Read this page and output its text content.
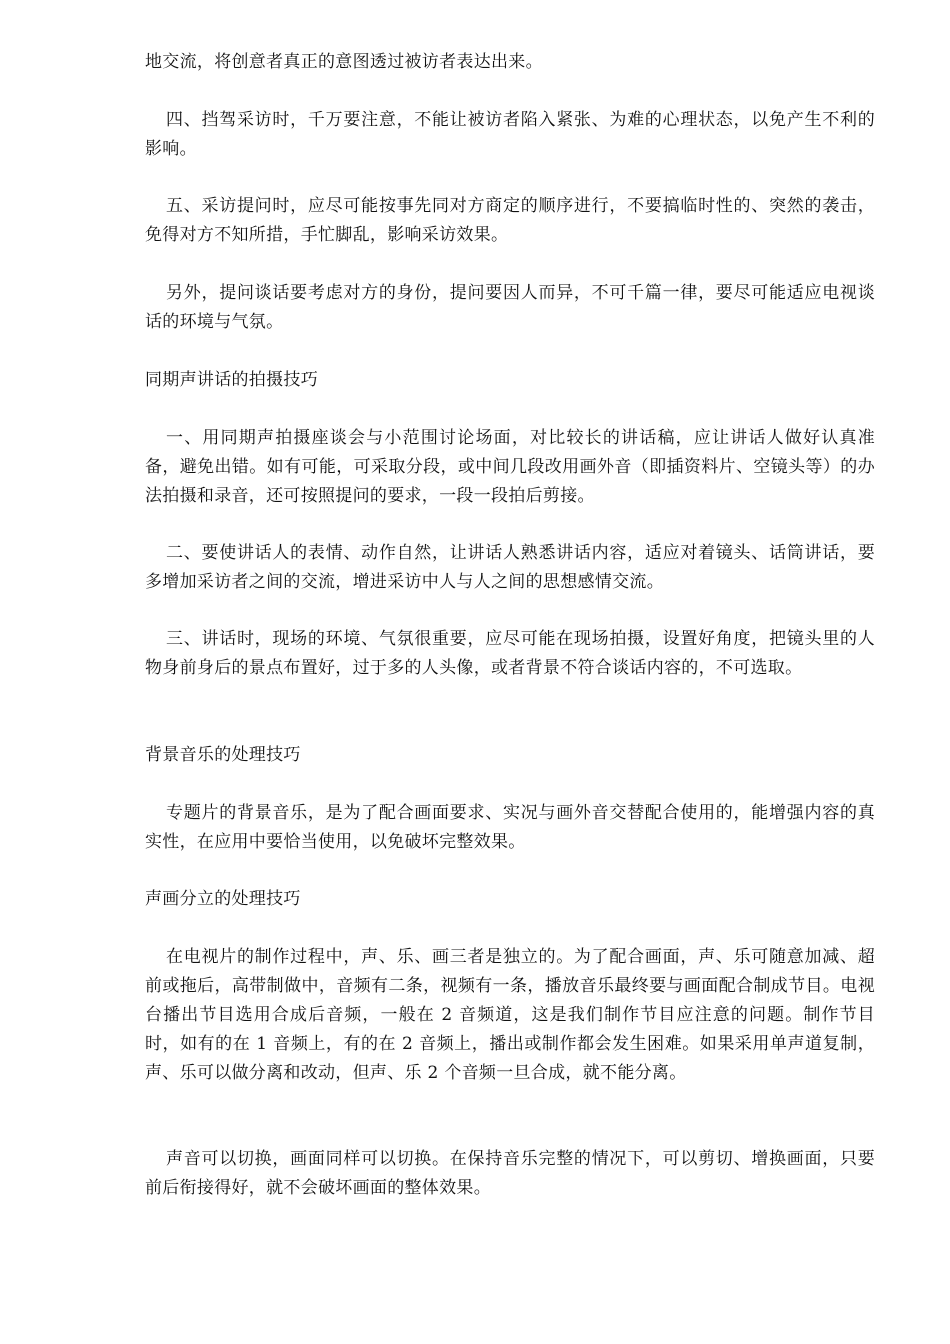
地交流，将创意者真正的意图透过被访者表达出来。

四、挡驾采访时，千万要注意，不能让被访者陷入紧张、为难的心理状态，以免产生不利的影响。

五、采访提问时，应尽可能按事先同对方商定的顺序进行，不要搞临时性的、突然的袭击，免得对方不知所措，手忙脚乱，影响采访效果。

另外，提问谈话要考虑对方的身份，提问要因人而异，不可千篇一律，要尽可能适应电视谈话的环境与气氛。

同期声讲话的拍摄技巧

一、用同期声拍摄座谈会与小范围讨论场面，对比较长的讲话稿，应让讲话人做好认真准备，避免出错。如有可能，可采取分段，或中间几段改用画外音（即插资料片、空镜头等）的办法拍摄和录音，还可按照提问的要求，一段一段拍后剪接。

二、要使讲话人的表情、动作自然，让讲话人熟悉讲话内容，适应对着镜头、话筒讲话，要多增加采访者之间的交流，增进采访中人与人之间的思想感情交流。

三、讲话时，现场的环境、气氛很重要，应尽可能在现场拍摄，设置好角度，把镜头里的人物身前身后的景点布置好，过于多的人头像，或者背景不符合谈话内容的，不可选取。

背景音乐的处理技巧

专题片的背景音乐，是为了配合画面要求、实况与画外音交替配合使用的，能增强内容的真实性，在应用中要恰当使用，以免破坏完整效果。

声画分立的处理技巧

在电视片的制作过程中，声、乐、画三者是独立的。为了配合画面，声、乐可随意加减、超前或拖后，高带制做中，音频有二条，视频有一条，播放音乐最终要与画面配合制成节目。电视台播出节目选用合成后音频，一般在 2 音频道，这是我们制作节目应注意的问题。制作节目时，如有的在 1 音频上，有的在 2 音频上，播出或制作都会发生困难。如果采用单声道复制，声、乐可以做分离和改动，但声、乐 2 个音频一旦合成，就不能分离。

声音可以切换，画面同样可以切换。在保持音乐完整的情况下，可以剪切、增换画面，只要前后衔接得好，就不会破坏画面的整体效果。
